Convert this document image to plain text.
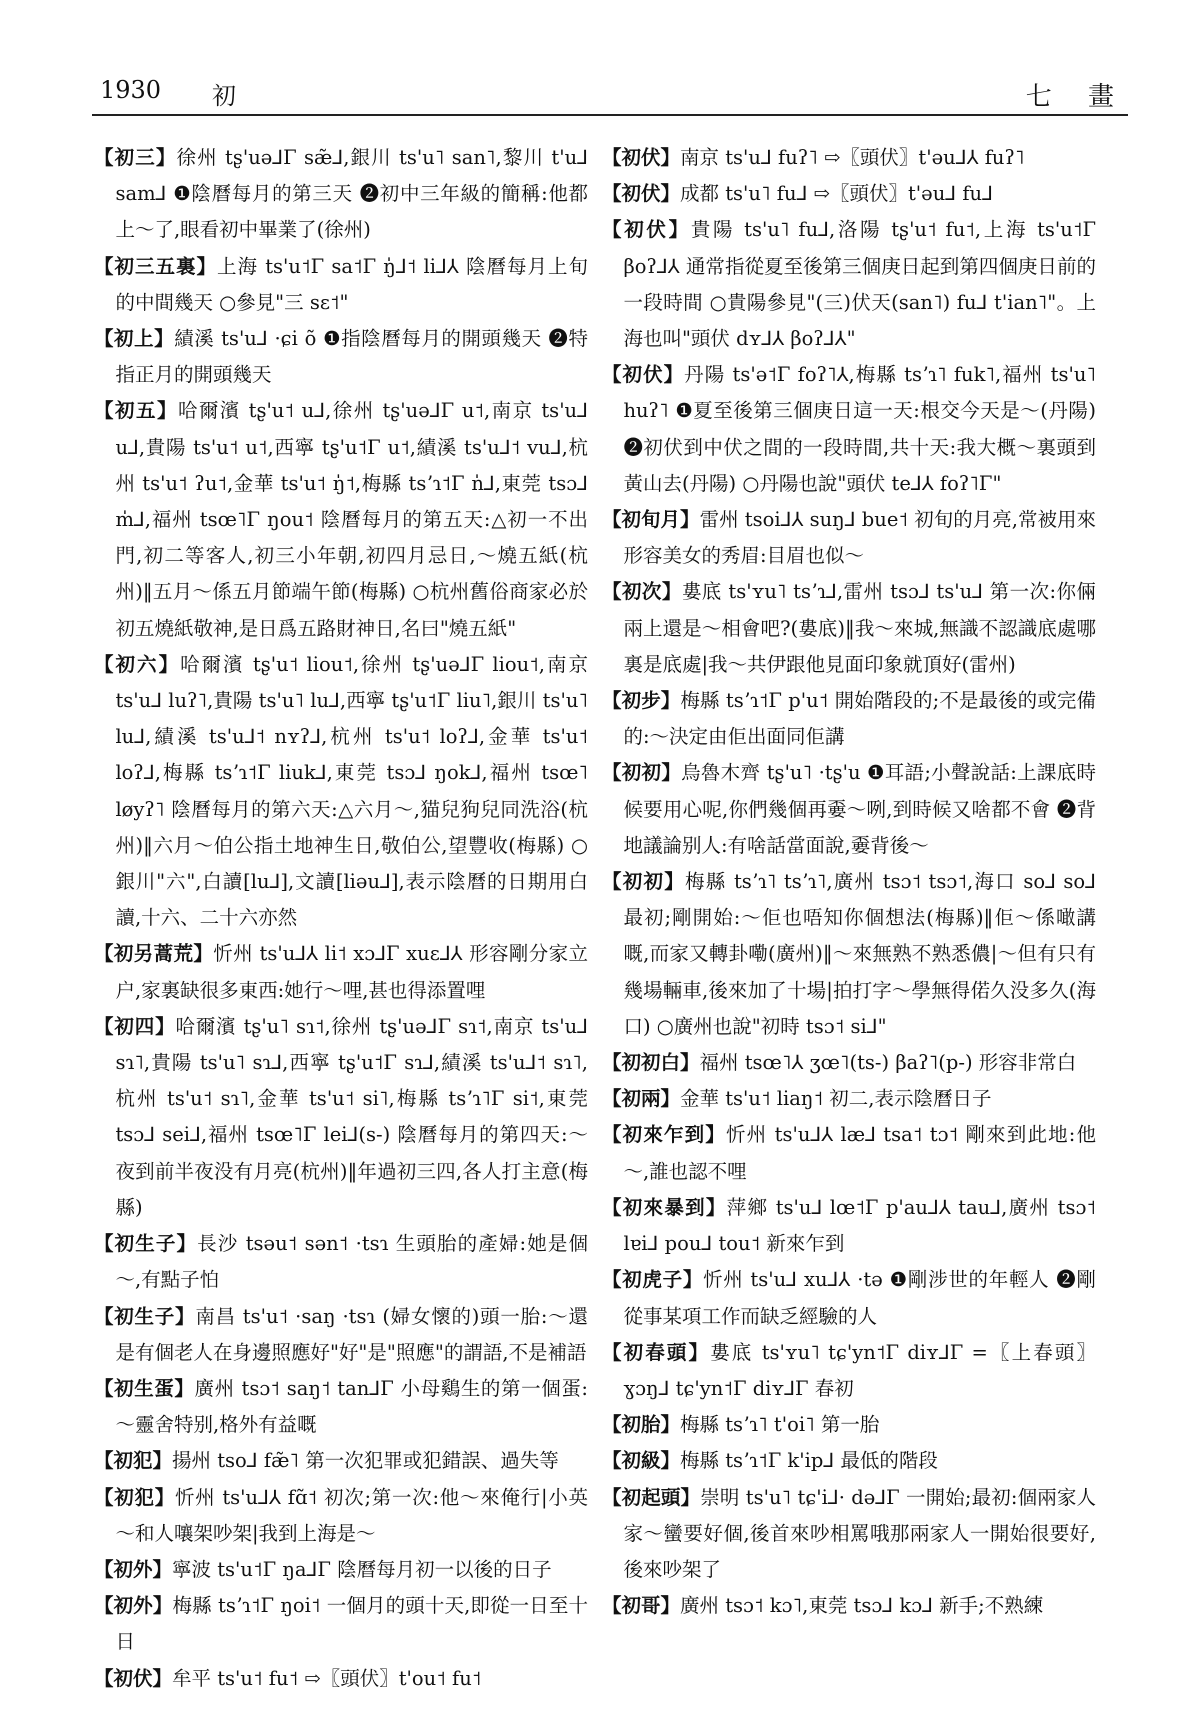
1930 初	七 畫
【初三】徐州 tʂ'uə⅃Γ sæ̃⅃,銀川 ts'u˥ san˥,黎川 t'u⅃ sam⅃ ❶陰曆每月的第三天 ❷初中三年級的簡稱:他都上～了,眼看初中畢業了(徐州)
【初三五裏】上海 ts'u˦Γ sa˦Γ ŋ̍⅃˦ li⅃⅄ 陰曆每月上旬的中間幾天 ○參見"三 sɛ˦"
【初上】績溪 ts'u⅃ ·ɕi õ ❶指陰曆每月的開頭幾天 ❷特指正月的開頭幾天
【初五】哈爾濱 tʂ'u˦ u⅃,徐州 tʂ'uə⅃Γ u˦,南京 ts'u⅃ u⅃,貴陽 ts'u˦ u˦,西寧 tʂ'u˦Γ u˦,績溪 ts'u⅃˦ vu⅃,杭州 ts'u˦ ʔu˦,金華 ts'u˦ ŋ̍˦,梅縣 tsʼɿ˦Γ n̍⅃,東莞 tsɔ⅃ m̍⅃,福州 tsœ˥Γ ŋou˦ 陰曆每月的第五天:△初一不出門,初二等客人,初三小年朝,初四月忌日,～燒五紙(杭州)‖五月～係五月節端午節(梅縣) ○杭州舊俗商家必於初五燒紙敬神,是日爲五路財神日,名曰"燒五紙"
【初六】哈爾濱 tʂ'u˦ liou˦,徐州 tʂ'uə⅃Γ liou˦,南京 ts'u⅃ luʔ˥,貴陽 ts'u˥ lu⅃,西寧 tʂ'u˦Γ liu˥,銀川 ts'u˥ lu⅃,績溪 ts'u⅃˦ nʏʔ⅃,杭州 ts'u˦ loʔ⅃,金華 ts'u˦ loʔ⅃,梅縣 tsʼɿ˦Γ liuk⅃,東莞 tsɔ⅃ ŋok⅃,福州 tsœ˥ løyʔ˥ 陰曆每月的第六天:△六月～,猫兒狗兒同洗浴(杭州)‖六月～伯公指土地神生日,敬伯公,望豐收(梅縣) ○銀川"六",白讀[lu⅃],文讀[liəu⅃],表示陰曆的日期用白讀,十六、二十六亦然
【初另蒿荒】忻州 ts'u⅃⅄ li˦ xɔ⅃Γ xuɛ⅃⅄ 形容剛分家立户,家裏缺很多東西:她行～哩,甚也得添置哩
【初四】哈爾濱 tʂ'u˥ sɿ˦,徐州 tʂ'uə⅃Γ sɿ˦,南京 ts'u⅃ sɿ˥,貴陽 ts'u˥ sɿ⅃,西寧 tʂ'u˦Γ sɿ⅃,績溪 ts'u⅃˦ sɿ˥,杭州 ts'u˦ sɿ˥,金華 ts'u˦ si˥,梅縣 tsʼɿ˥Γ si˦,東莞 tsɔ⅃ sei⅃,福州 tsœ˥Γ lei⅃(s-) 陰曆每月的第四天:～夜到前半夜没有月亮(杭州)‖年過初三四,各人打主意(梅縣)
【初生子】長沙 tsəu˦ sən˦ ·tsɿ 生頭胎的產婦:她是個～,有點子怕
【初生子】南昌 ts'u˦ ·saŋ ·tsɿ (婦女懷的)頭一胎:～還是有個老人在身邊照應好"好"是"照應"的謂語,不是補語
【初生蛋】廣州 tsɔ˦ saŋ˦ tan⅃Γ 小母鷄生的第一個蛋:～靈舍特别,格外有益嘅
【初犯】揚州 tso⅃ fæ̃˥ 第一次犯罪或犯錯誤、過失等
【初犯】忻州 ts'u⅃⅄ fɑ̃˦ 初次;第一次:他～來俺行|小英～和人嚷架吵架|我到上海是～
【初外】寧波 ts'u˦Γ ŋa⅃Γ 陰曆每月初一以後的日子
【初外】梅縣 tsʼɿ˦Γ ŋoi˦ 一個月的頭十天,即從一日至十日
【初伏】牟平 ts'u˦ fu˦ ⇨〖頭伏〗t'ou˦ fu˦
【初伏】南京 ts'u⅃ fuʔ˥ ⇨〖頭伏〗t'əu⅃⅄ fuʔ˥
【初伏】成都 ts'u˥ fu⅃ ⇨〖頭伏〗t'əu⅃ fu⅃
【初伏】貴陽 ts'u˥ fu⅃,洛陽 tʂ'u˦ fu˦,上海 ts'u˦Γ βoʔ⅃⅄ 通常指從夏至後第三個庚日起到第四個庚日前的一段時間 ○貴陽參見"(三)伏天(san˥) fu⅃ t'ian˥"。上海也叫"頭伏 dʏ⅃⅄ βoʔ⅃⅄"
【初伏】丹陽 ts'ə˦Γ foʔ˥⅄,梅縣 tsʼɿ˥ fuk˥,福州 ts'u˥ huʔ˥ ❶夏至後第三個庚日這一天:根交今天是～(丹陽) ❷初伏到中伏之間的一段時間,共十天:我大概～裏頭到黃山去(丹陽) ○丹陽也說"頭伏 te⅃⅄ foʔ˥Γ"
【初旬月】雷州 tsoi⅃⅄ suŋ⅃ bue˦ 初旬的月亮,常被用來形容美女的秀眉:目眉也似～
【初次】婁底 ts'ʏu˥ tsʼɿ⅃,雷州 tsɔ⅃ ts'u⅃ 第一次:你倆兩上還是～相會吧?(婁底)‖我～來城,無識不認識底處哪裏是底處|我～共伊跟他見面印象就頂好(雷州)
【初步】梅縣 tsʼɿ˦Γ p'u˦ 開始階段的;不是最後的或完備的:～決定由佢出面同佢講
【初初】烏魯木齊 tʂ'u˥ ·tʂ'u ❶耳語;小聲說話:上課底時候要用心呢,你們幾個再嫑～咧,到時候又啥都不會 ❷背地議論别人:有啥話當面說,嫑背後～
【初初】梅縣 tsʼɿ˥ tsʼɿ˥,廣州 tsɔ˦ tsɔ˦,海口 so⅃ so⅃ 最初;剛開始:～佢也唔知你個想法(梅縣)‖佢～係噉講嘅,而家又轉卦嘞(廣州)‖～來無熟不熟悉儂|～但有只有幾場輛車,後來加了十場|拍打字～學無得偌久没多久(海口) ○廣州也說"初時 tsɔ˦ si⅃"
【初初白】福州 tsœ˥⅄ ʒœ˥(ts-) βaʔ˥(p-) 形容非常白
【初兩】金華 ts'u˦ liaŋ˦ 初二,表示陰曆日子
【初來乍到】忻州 ts'u⅃⅄ læ⅃ tsa˦ tɔ˦ 剛來到此地:他～,誰也認不哩
【初來暴到】萍鄉 ts'u⅃ lœ˦Γ p'au⅃⅄ tau⅃,廣州 tsɔ˦ lɐi⅃ pou⅃ tou˦ 新來乍到
【初虎子】忻州 ts'u⅃ xu⅃⅄ ·tə ❶剛涉世的年輕人 ❷剛從事某項工作而缺乏經驗的人
【初春頭】婁底 ts'ʏu˥ tɕ'yn˦Γ diʏ⅃Γ =〖上春頭〗ɣɔŋ⅃ tɕ'yn˦Γ diʏ⅃Γ 春初
【初胎】梅縣 tsʼɿ˥ t'oi˥ 第一胎
【初級】梅縣 tsʼɿ˦Γ k'ip⅃ 最低的階段
【初起頭】崇明 ts'u˥ tɕ'i⅃· də⅃Γ 一開始;最初:個兩家人家～蠻要好個,後首來吵相罵哦那兩家人一開始很要好,後來吵架了
【初哥】廣州 tsɔ˦ kɔ˥,東莞 tsɔ⅃ kɔ⅃ 新手;不熟練
